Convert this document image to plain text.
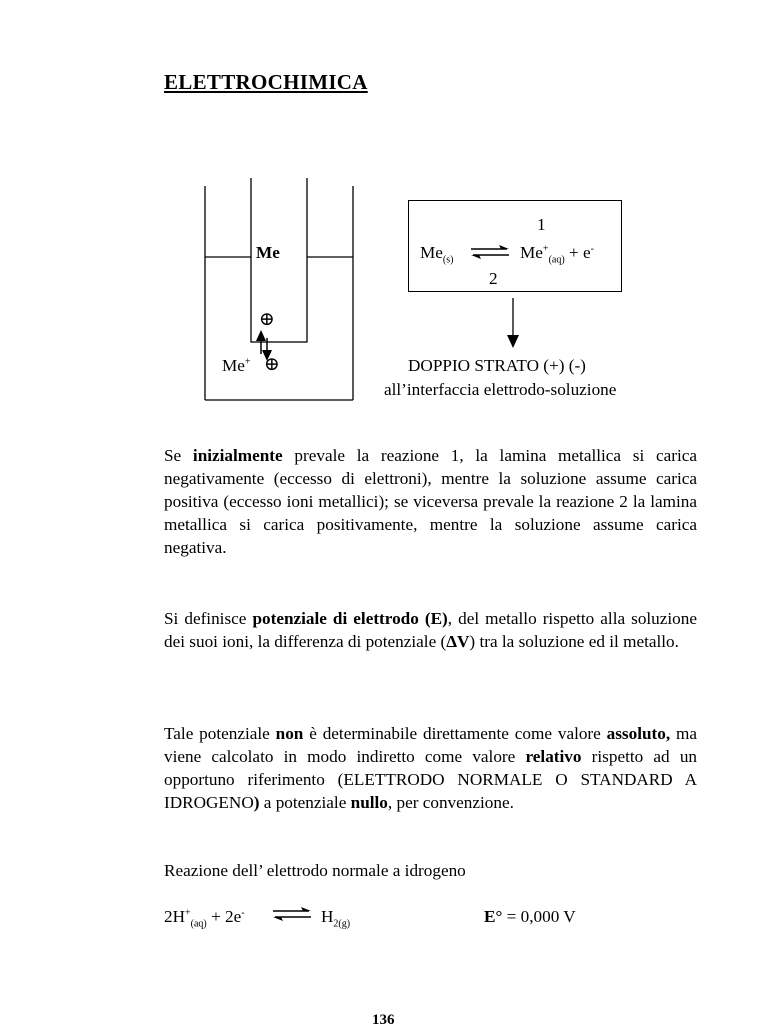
ELETTROCHIMICA
Me
⊕
Me+ ⊕
1
$Me_{(s)}$ ⇌ $Me^+_{(aq)} + e^-$
2
DOPPIO STRATO (+) (-)
all’interfaccia elettrodo-soluzione
Se inizialmente prevale la reazione 1, la lamina metallica si carica negativamente (eccesso di elettroni), mentre la soluzione assume carica positiva (eccesso ioni metallici); se viceversa prevale la reazione 2 la lamina metallica si carica positivamente, mentre la soluzione assume carica negativa.
Si definisce potenziale di elettrodo (E), del metallo rispetto alla soluzione dei suoi ioni, la differenza di potenziale (ΔV) tra la soluzione ed il metallo.
Tale potenziale non è determinabile direttamente come valore assoluto, ma viene calcolato in modo indiretto come valore relativo rispetto ad un opportuno riferimento (ELETTRODO NORMALE O STANDARD A IDROGENO) a potenziale nullo, per convenzione.
Reazione dell’ elettrodo normale a idrogeno
$2H^+_{(aq)} + 2e^-$	$H_{2(g)}$	E° = 0,000 V
136
